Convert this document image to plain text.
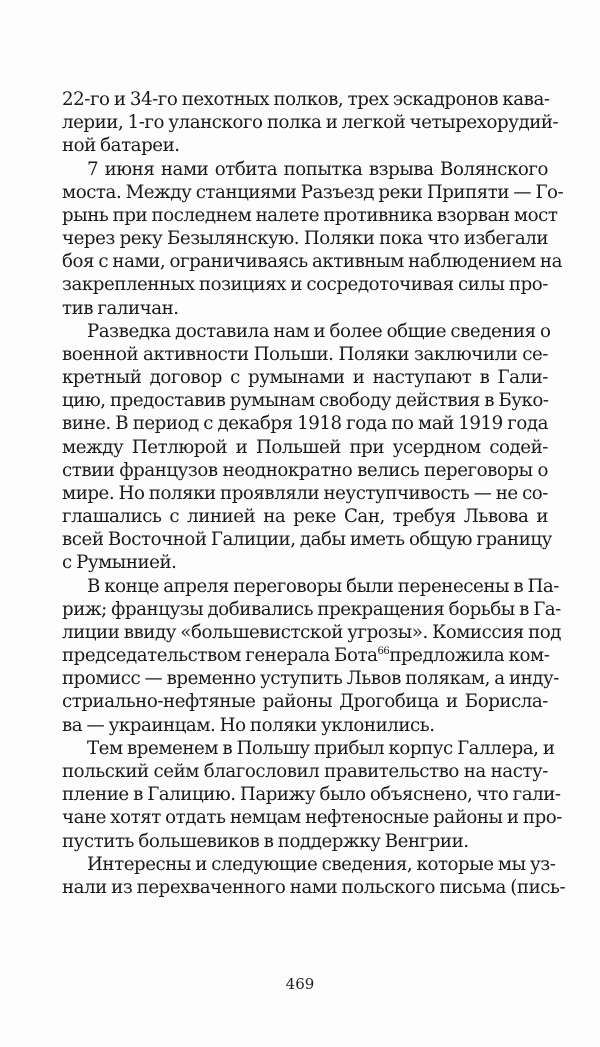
22-го и 34-го пехотных полков, трех эскадронов кава-
лерии, 1-го уланского полка и легкой четырехорудий-
ной батареи.
7 июня нами отбита попытка взрыва Волянского
моста. Между станциями Разъезд реки Припяти — Го-
рынь при последнем налете противника взорван мост
через реку Безылянскую. Поляки пока что избегали
боя с нами, ограничиваясь активным наблюдением на
закрепленных позициях и сосредоточивая силы про-
тив галичан.
Разведка доставила нам и более общие сведения о
военной активности Польши. Поляки заключили се-
кретный договор с румынами и наступают в Гали-
цию, предоставив румынам свободу действия в Буко-
вине. В период с декабря 1918 года по май 1919 года
между Петлюрой и Польшей при усердном содей-
ствии французов неоднократно велись переговоры о
мире. Но поляки проявляли неуступчивость — не со-
глашались с линией на реке Сан, требуя Львова и
всей Восточной Галиции, дабы иметь общую границу
с Румынией.
В конце апреля переговоры были перенесены в Па-
риж; французы добивались прекращения борьбы в Га-
лиции ввиду «большевистской угрозы». Комиссия под
председательством генерала Бота$^{66}$ предложила ком-
промисс — временно уступить Львов полякам, а инду-
стриально-нефтяные районы Дрогобица и Борисла-
ва — украинцам. Но поляки уклонились.
Тем временем в Польшу прибыл корпус Галлера, и
польский сейм благословил правительство на насту-
пление в Галицию. Парижу было объяснено, что гали-
чане хотят отдать немцам нефтеносные районы и про-
пустить большевиков в поддержку Венгрии.
Интересны и следующие сведения, которые мы уз-
нали из перехваченного нами польского письма (пись-
469
